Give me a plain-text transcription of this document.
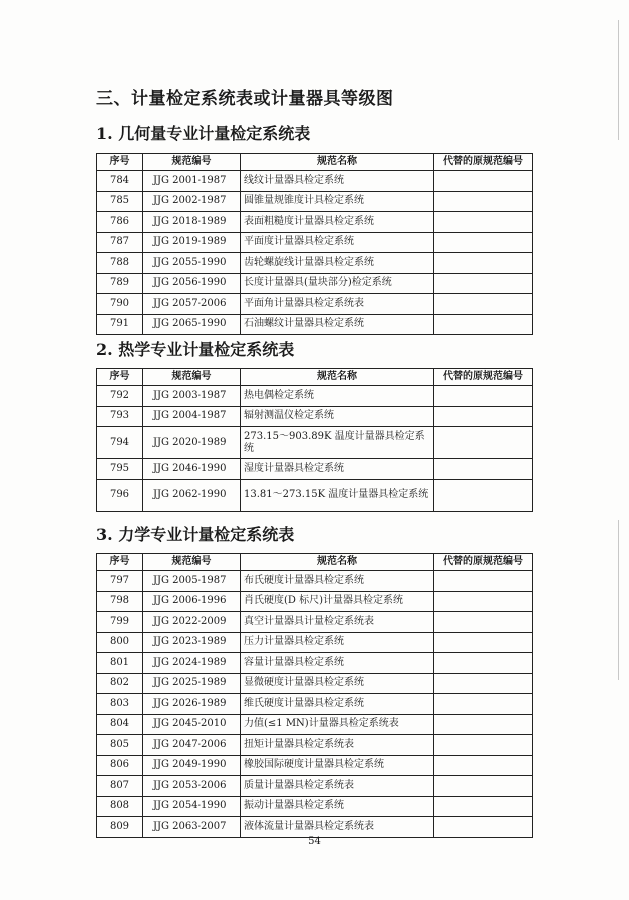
三、计量检定系统表或计量器具等级图
1. 几何量专业计量检定系统表
序号	规范编号	规范名称	代替的原规范编号
784	JJG 2001-1987	线纹计量器具检定系统	
785	JJG 2002-1987	圆锥量规锥度计具检定系统	
786	JJG 2018-1989	表面粗糙度计量器具检定系统	
787	JJG 2019-1989	平面度计量器具检定系统	
788	JJG 2055-1990	齿轮螺旋线计量器具检定系统	
789	JJG 2056-1990	长度计量器具(量块部分)检定系统	
790	JJG 2057-2006	平面角计量器具检定系统表	
791	JJG 2065-1990	石油螺纹计量器具检定系统	
2. 热学专业计量检定系统表
序号	规范编号	规范名称	代替的原规范编号
792	JJG 2003-1987	热电偶检定系统	
793	JJG 2004-1987	辐射测温仪检定系统	
794	JJG 2020-1989	273.15～903.89K 温度计量器具检定系统	
795	JJG 2046-1990	湿度计量器具检定系统	
796	JJG 2062-1990	13.81～273.15K 温度计量器具检定系统	
3. 力学专业计量检定系统表
序号	规范编号	规范名称	代替的原规范编号
797	JJG 2005-1987	布氏硬度计量器具检定系统	
798	JJG 2006-1996	肖氏硬度(D 标尺)计量器具检定系统	
799	JJG 2022-2009	真空计量器具计量检定系统表	
800	JJG 2023-1989	压力计量器具检定系统	
801	JJG 2024-1989	容量计量器具检定系统	
802	JJG 2025-1989	显微硬度计量器具检定系统	
803	JJG 2026-1989	维氏硬度计量器具检定系统	
804	JJG 2045-2010	力值(≤1 MN)计量器具检定系统表	
805	JJG 2047-2006	扭矩计量器具检定系统表	
806	JJG 2049-1990	橡胶国际硬度计量器具检定系统	
807	JJG 2053-2006	质量计量器具检定系统表	
808	JJG 2054-1990	振动计量器具检定系统	
809	JJG 2063-2007	液体流量计量器具检定系统表	
54
